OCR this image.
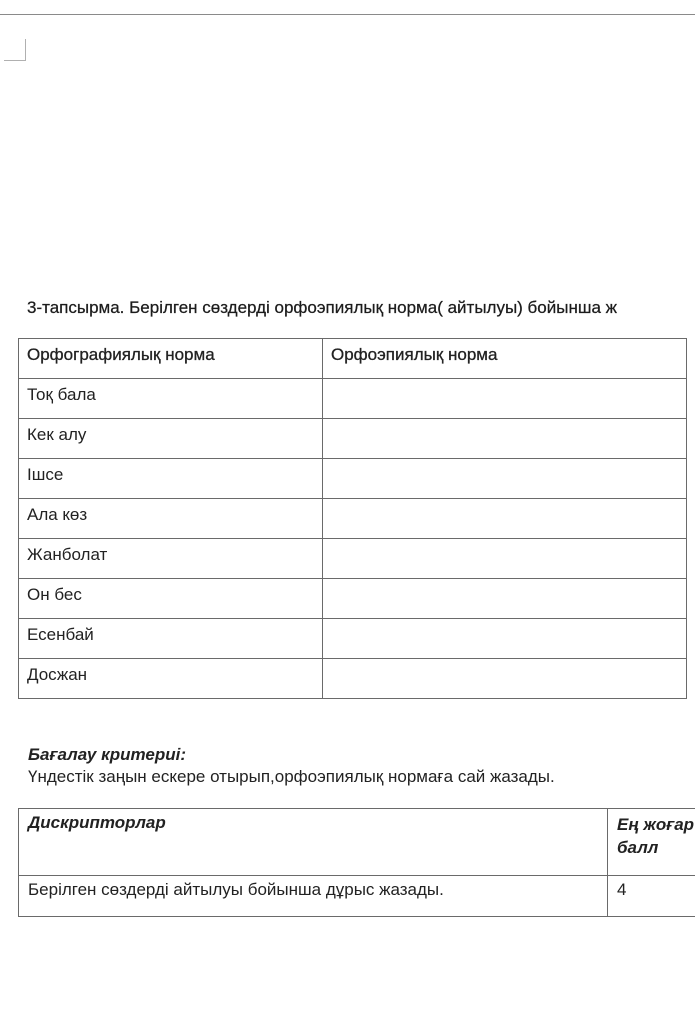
3-тапсырма. Берілген сөздерді орфоэпиялық норма( айтылуы) бойынша ж
Орфографиялық норма	Орфоэпиялық норма
Тоқ бала	
Кек алу	
Ішсе	
Ала көз	
Жанболат	
Он бес	
Есенбай	
Досжан	
Бағалау критериі:
Үндестік заңын ескере отырып,орфоэпиялық нормаға сай жазады.
Дискрипторлар	Ең жоғар
балл
Берілген сөздерді айтылуы бойынша дұрыс жазады.	4
